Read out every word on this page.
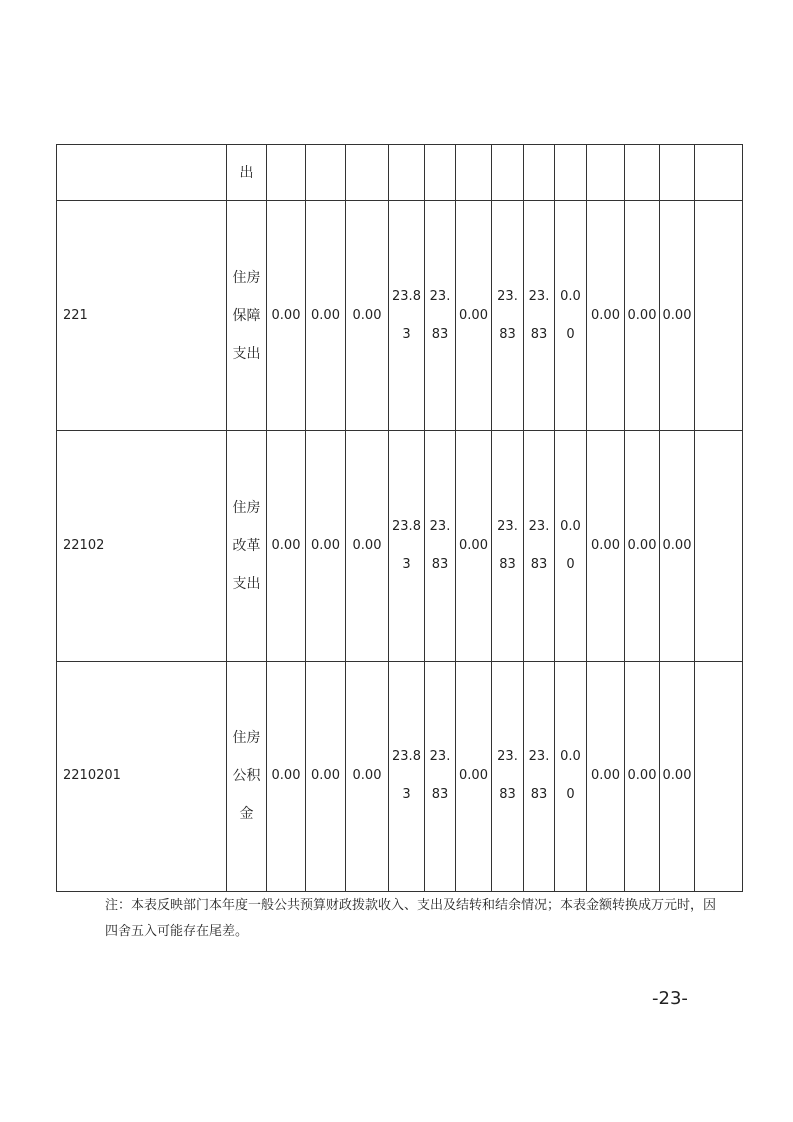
	出													
221	住房保障支出	0.00	0.00	0.00	23.83	23.83	0.00	23.83	23.83	0.00	0.00	0.00	0.00	
22102	住房改革支出	0.00	0.00	0.00	23.83	23.83	0.00	23.83	23.83	0.00	0.00	0.00	0.00	
2210201	住房公积金	0.00	0.00	0.00	23.83	23.83	0.00	23.83	23.83	0.00	0.00	0.00	0.00	
注：本表反映部门本年度一般公共预算财政拨款收入、支出及结转和结余情况；本表金额转换成万元时，因四舍五入可能存在尾差。
-23-
